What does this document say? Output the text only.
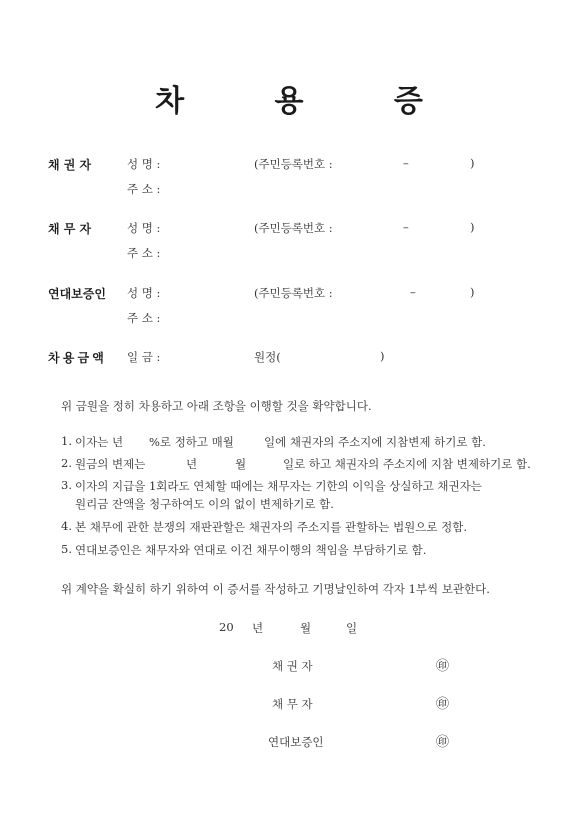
차 용 증
채 권 자	성 명 :	(주민등록번호 :	–	)
주 소 :
채 무 자	성 명 :	(주민등록번호 :	–	)
주 소 :
연대보증인 성 명 :	(주민등록번호 :	–	)
주 소 :
차 용 금 액 일 금 :	원정(	)
위 금원을 정히 차용하고 아래 조항을 이행할 것을 확약합니다.
1. 이자는 년 %로 정하고 매월	일에 채권자의 주소지에 지참변제 하기로 함.
2. 원금의 변제는	년	월	일로 하고 채권자의 주소지에 지참 변제하기로 함.
3. 이자의 지급을 1회라도 연체할 때에는 채무자는 기한의 이익을 상실하고 채권자는
원리금 잔액을 청구하여도 이의 없이 변제하기로 함.
4. 본 채무에 관한 분쟁의 재판관할은 채권자의 주소지를 관할하는 법원으로 정함.
5. 연대보증인은 채무자와 연대로 이건 채무이행의 책임을 부담하기로 함.
위 계약을 확실히 하기 위하여 이 증서를 작성하고 기명날인하여 각자 1부씩 보관한다.
20 년	월	일
채 권 자	㊞
채 무 자	㊞
연대보증인	㊞
